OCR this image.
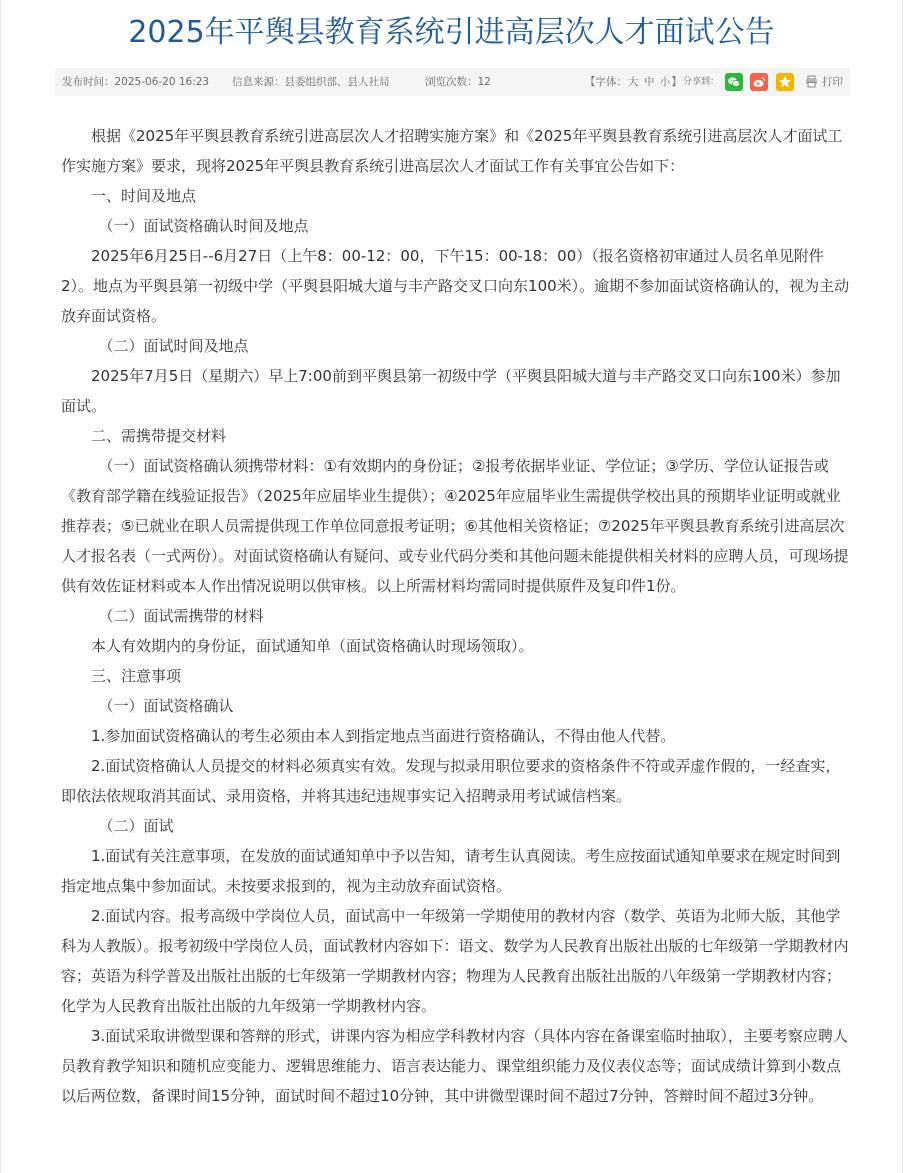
2025年平舆县教育系统引进高层次人才面试公告
发布时间：2025-06-20 16:23 信息来源：县委组织部、县人社局	浏览次数：12	【字体：大 中 小】 分享到：	打印

根据《2025年平舆县教育系统引进高层次人才招聘实施方案》和《2025年平舆县教育系统引进高层次人才面试工作实施方案》要求，现将2025年平舆县教育系统引进高层次人才面试工作有关事宜公告如下：

一、时间及地点

（一）面试资格确认时间及地点

2025年6月25日--6月27日（上午8：00-12：00，下午15：00-18：00）（报名资格初审通过人员名单见附件2）。地点为平舆县第一初级中学（平舆县阳城大道与丰产路交叉口向东100米）。逾期不参加面试资格确认的，视为主动放弃面试资格。

（二）面试时间及地点

2025年7月5日（星期六）早上7:00前到平舆县第一初级中学（平舆县阳城大道与丰产路交叉口向东100米）参加面试。

二、需携带提交材料

（一）面试资格确认须携带材料：①有效期内的身份证；②报考依据毕业证、学位证；③学历、学位认证报告或《教育部学籍在线验证报告》（2025年应届毕业生提供）；④2025年应届毕业生需提供学校出具的预期毕业证明或就业推荐表；⑤已就业在职人员需提供现工作单位同意报考证明；⑥其他相关资格证；⑦2025年平舆县教育系统引进高层次人才报名表（一式两份）。对面试资格确认有疑问、或专业代码分类和其他问题未能提供相关材料的应聘人员，可现场提供有效佐证材料或本人作出情况说明以供审核。以上所需材料均需同时提供原件及复印件1份。

（二）面试需携带的材料

本人有效期内的身份证，面试通知单（面试资格确认时现场领取）。

三、注意事项

（一）面试资格确认

1.参加面试资格确认的考生必须由本人到指定地点当面进行资格确认，不得由他人代替。

2.面试资格确认人员提交的材料必须真实有效。发现与拟录用职位要求的资格条件不符或弄虚作假的，一经查实，即依法依规取消其面试、录用资格，并将其违纪违规事实记入招聘录用考试诚信档案。

（二）面试

1.面试有关注意事项，在发放的面试通知单中予以告知，请考生认真阅读。考生应按面试通知单要求在规定时间到指定地点集中参加面试。未按要求报到的，视为主动放弃面试资格。

2.面试内容。报考高级中学岗位人员，面试高中一年级第一学期使用的教材内容（数学、英语为北师大版，其他学科为人教版）。报考初级中学岗位人员，面试教材内容如下：语文、数学为人民教育出版社出版的七年级第一学期教材内容；英语为科学普及出版社出版的七年级第一学期教材内容；物理为人民教育出版社出版的八年级第一学期教材内容；化学为人民教育出版社出版的九年级第一学期教材内容。

3.面试采取讲微型课和答辩的形式，讲课内容为相应学科教材内容（具体内容在备课室临时抽取），主要考察应聘人员教育教学知识和随机应变能力、逻辑思维能力、语言表达能力、课堂组织能力及仪表仪态等；面试成绩计算到小数点以后两位数，备课时间15分钟，面试时间不超过10分钟，其中讲微型课时间不超过7分钟，答辩时间不超过3分钟。
